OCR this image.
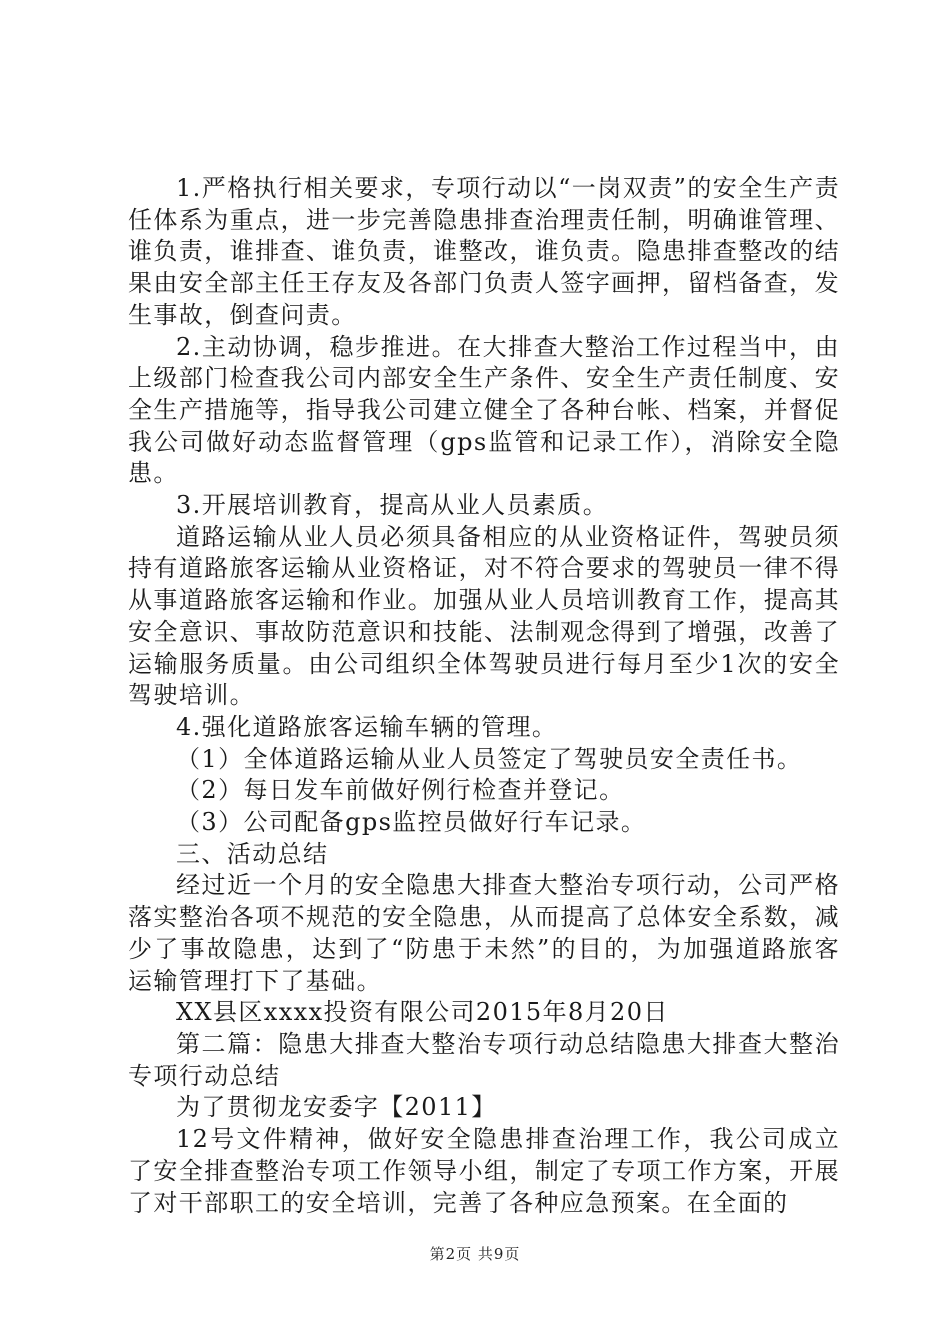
1.严格执行相关要求，专项行动以“一岗双责”的安全生产责任体系为重点，进一步完善隐患排查治理责任制，明确谁管理、谁负责，谁排查、谁负责，谁整改，谁负责。隐患排查整改的结果由安全部主任王存友及各部门负责人签字画押，留档备查，发生事故，倒查问责。

2.主动协调，稳步推进。在大排查大整治工作过程当中，由上级部门检查我公司内部安全生产条件、安全生产责任制度、安全生产措施等，指导我公司建立健全了各种台帐、档案，并督促我公司做好动态监督管理（gps监管和记录工作），消除安全隐患。

3.开展培训教育，提高从业人员素质。

道路运输从业人员必须具备相应的从业资格证件，驾驶员须持有道路旅客运输从业资格证，对不符合要求的驾驶员一律不得从事道路旅客运输和作业。加强从业人员培训教育工作，提高其安全意识、事故防范意识和技能、法制观念得到了增强，改善了运输服务质量。由公司组织全体驾驶员进行每月至少1次的安全驾驶培训。

4.强化道路旅客运输车辆的管理。

（1）全体道路运输从业人员签定了驾驶员安全责任书。

（2）每日发车前做好例行检查并登记。

（3）公司配备gps监控员做好行车记录。

三、活动总结

经过近一个月的安全隐患大排查大整治专项行动，公司严格落实整治各项不规范的安全隐患，从而提高了总体安全系数，减少了事故隐患，达到了“防患于未然”的目的，为加强道路旅客运输管理打下了基础。

XX县区xxxx投资有限公司2015年8月20日

第二篇：隐患大排查大整治专项行动总结隐患大排查大整治专项行动总结

为了贯彻龙安委字【2011】

12号文件精神，做好安全隐患排查治理工作，我公司成立了安全排查整治专项工作领导小组，制定了专项工作方案，开展了对干部职工的安全培训，完善了各种应急预案。在全面的

第2页 共9页
